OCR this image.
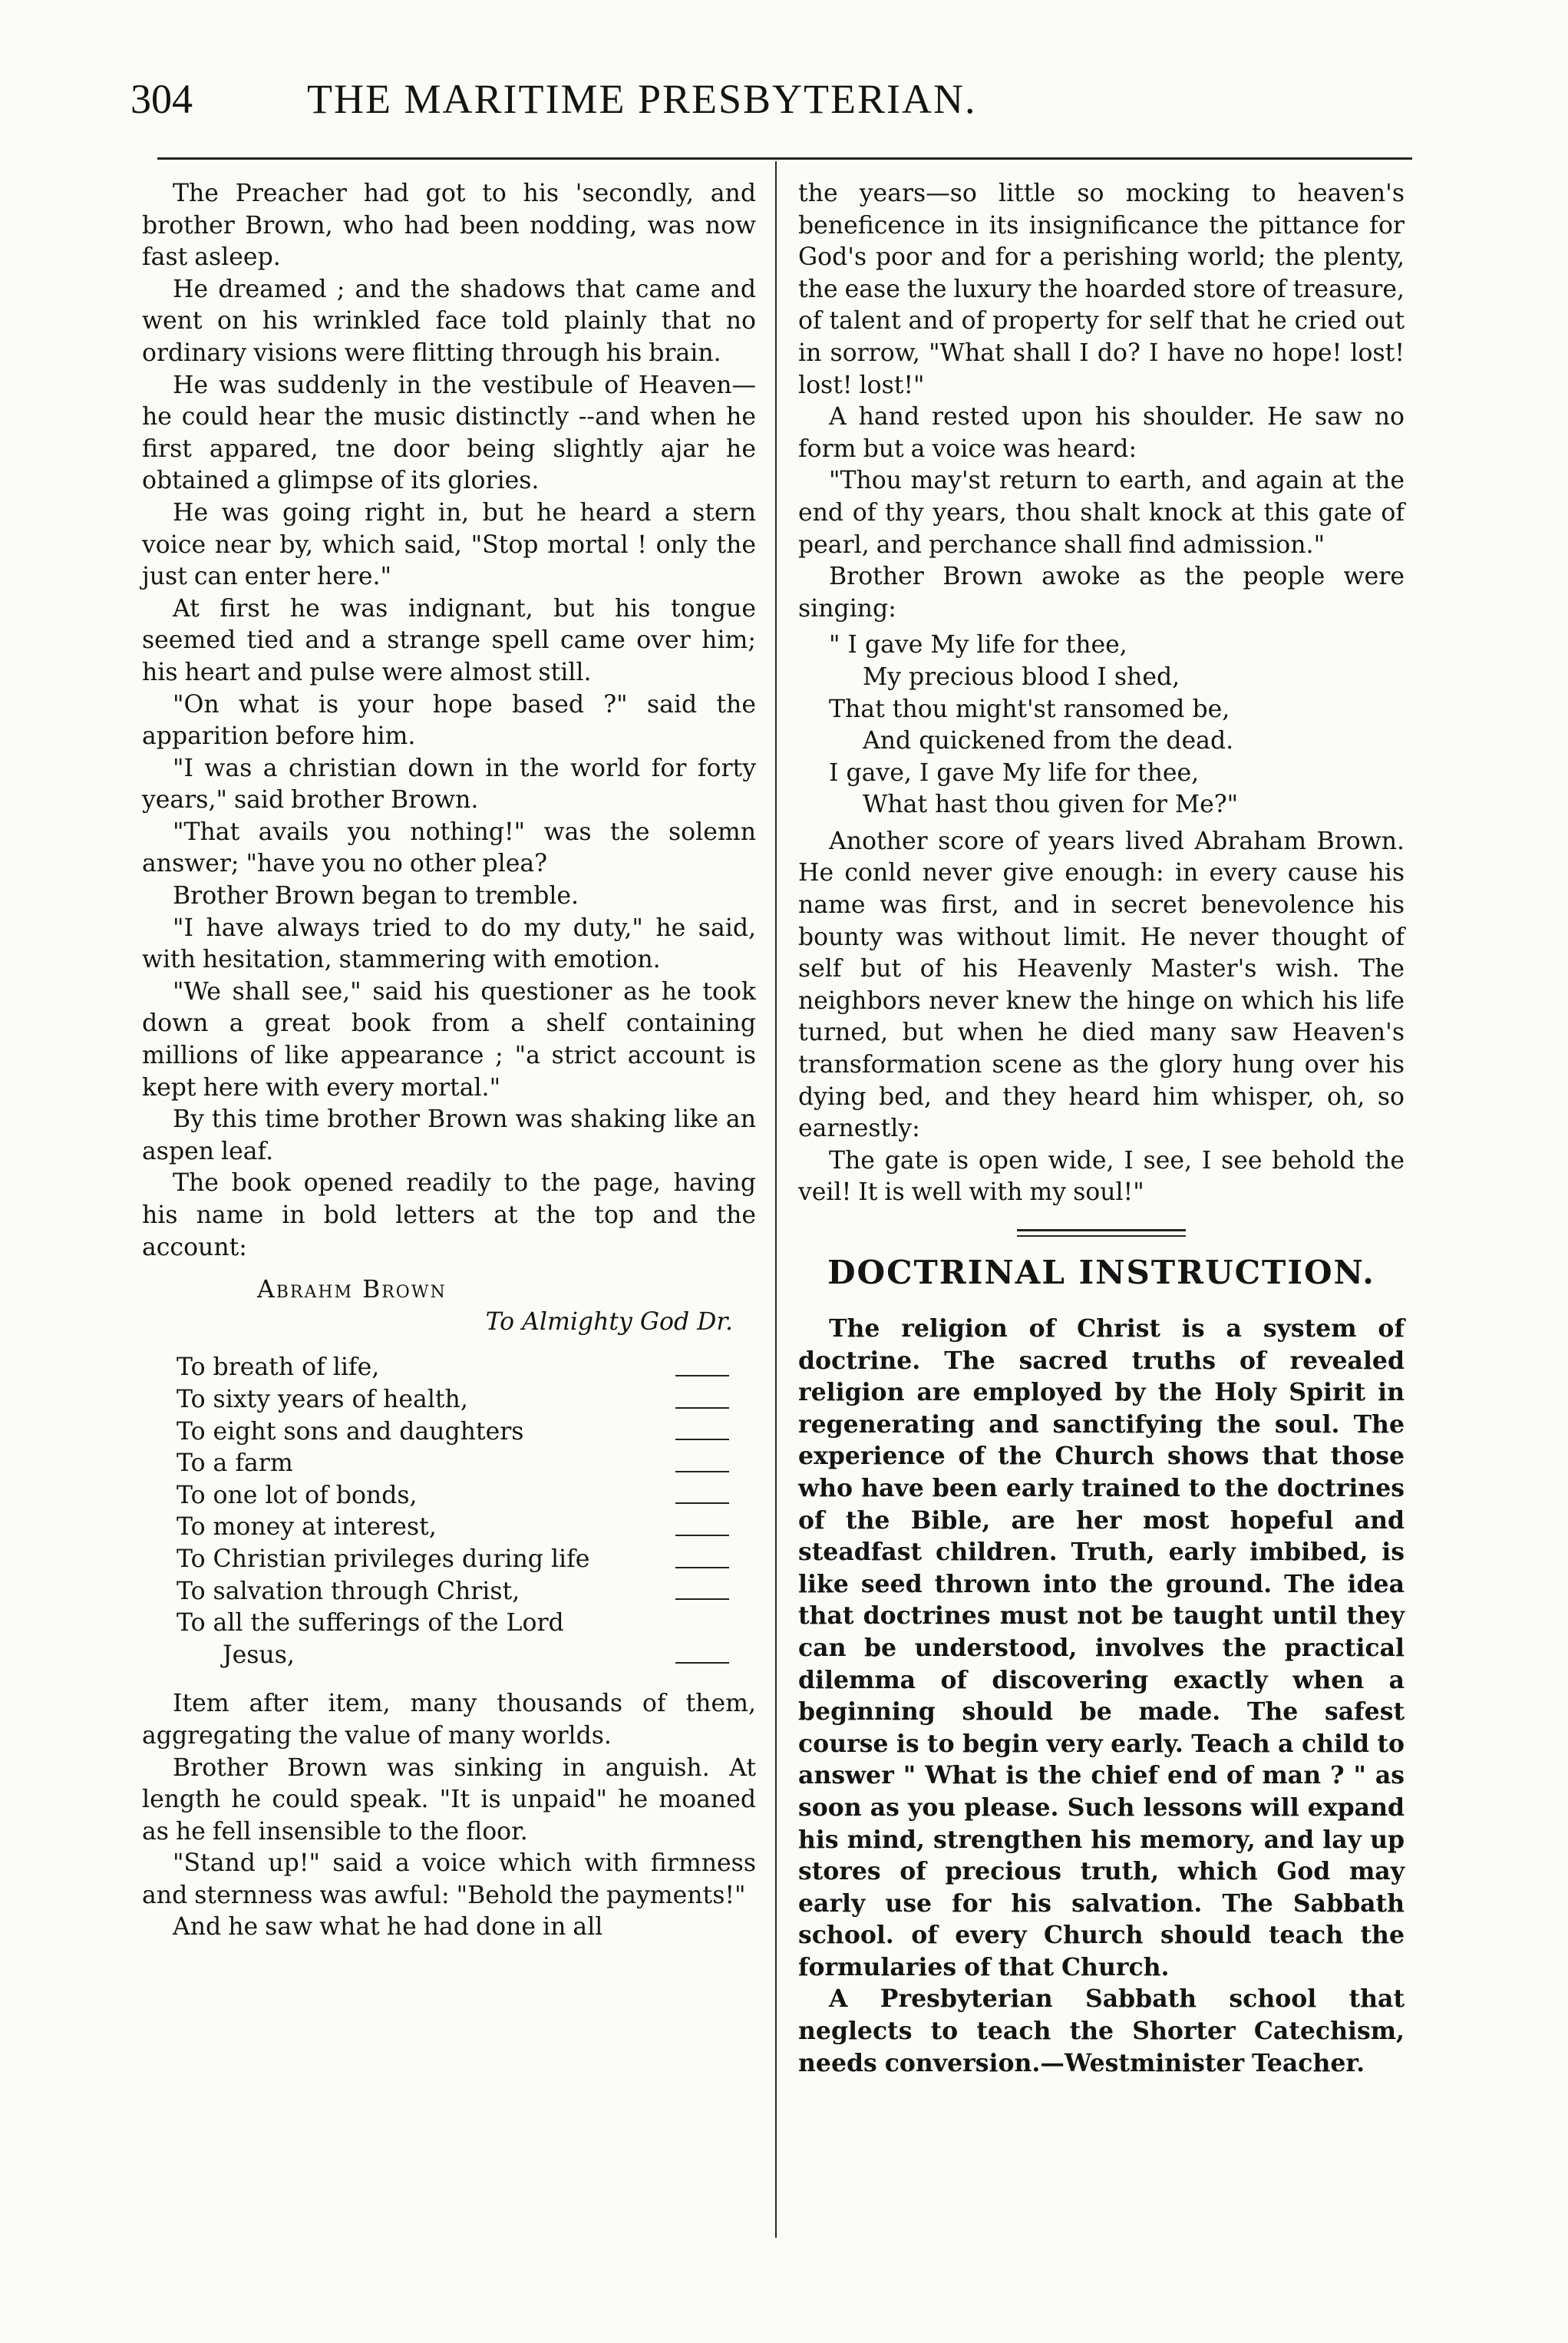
304	THE MARITIME PRESBYTERIAN.

The Preacher had got to his 'secondly, and brother Brown, who had been nodding, was now fast asleep.

He dreamed ; and the shadows that came and went on his wrinkled face told plainly that no ordinary visions were flitting through his brain.

He was suddenly in the vestibule of Heaven—he could hear the music distinctly --and when he first appared, tne door being slightly ajar he obtained a glimpse of its glories.

He was going right in, but he heard a stern voice near by, which said, "Stop mortal ! only the just can enter here."

At first he was indignant, but his tongue seemed tied and a strange spell came over him; his heart and pulse were almost still.

"On what is your hope based ?" said the apparition before him.

"I was a christian down in the world for forty years," said brother Brown.

"That avails you nothing!" was the solemn answer; "have you no other plea?

Brother Brown began to tremble.

"I have always tried to do my duty," he said, with hesitation, stammering with emotion.

"We shall see," said his questioner as he took down a great book from a shelf containing millions of like appearance ; "a strict account is kept here with every mortal."

By this time brother Brown was shaking like an aspen leaf.

The book opened readily to the page, having his name in bold letters at the top and the account:

Abrahm Brown
To Almighty God Dr.
To breath of life,
To sixty years of health,
To eight sons and daughters
To a farm
To one lot of bonds,
To money at interest,
To Christian privileges during life
To salvation through Christ,
To all the sufferings of the Lord
Jesus,

Item after item, many thousands of them, aggregating the value of many worlds.

Brother Brown was sinking in anguish. At length he could speak. "It is unpaid" he moaned as he fell insensible to the floor.

"Stand up!" said a voice which with firmness and sternness was awful: "Behold the payments!"

And he saw what he had done in all

the years—so little so mocking to heaven's beneficence in its insignificance the pittance for God's poor and for a perishing world; the plenty, the ease the luxury the hoarded store of treasure, of talent and of property for self that he cried out in sorrow, "What shall I do? I have no hope! lost! lost! lost!"

A hand rested upon his shoulder. He saw no form but a voice was heard:

"Thou may'st return to earth, and again at the end of thy years, thou shalt knock at this gate of pearl, and perchance shall find admission."

Brother Brown awoke as the people were singing:

" I gave My life for thee,
My precious blood I shed,
That thou might'st ransomed be,
And quickened from the dead.
I gave, I gave My life for thee,
What hast thou given for Me?"

Another score of years lived Abraham Brown. He conld never give enough: in every cause his name was first, and in secret benevolence his bounty was without limit. He never thought of self but of his Heavenly Master's wish. The neighbors never knew the hinge on which his life turned, but when he died many saw Heaven's transformation scene as the glory hung over his dying bed, and they heard him whisper, oh, so earnestly:

The gate is open wide, I see, I see behold the veil! It is well with my soul!"

DOCTRINAL INSTRUCTION.

The religion of Christ is a system of doctrine. The sacred truths of revealed religion are employed by the Holy Spirit in regenerating and sanctifying the soul. The experience of the Church shows that those who have been early trained to the doctrines of the Bible, are her most hopeful and steadfast children. Truth, early imbibed, is like seed thrown into the ground. The idea that doctrines must not be taught until they can be understood, involves the practical dilemma of discovering exactly when a beginning should be made. The safest course is to begin very early. Teach a child to answer " What is the chief end of man ? " as soon as you please. Such lessons will expand his mind, strengthen his memory, and lay up stores of precious truth, which God may early use for his salvation. The Sabbath school. of every Church should teach the formularies of that Church.

A Presbyterian Sabbath school that neglects to teach the Shorter Catechism, needs conversion.—Westminister Teacher.
